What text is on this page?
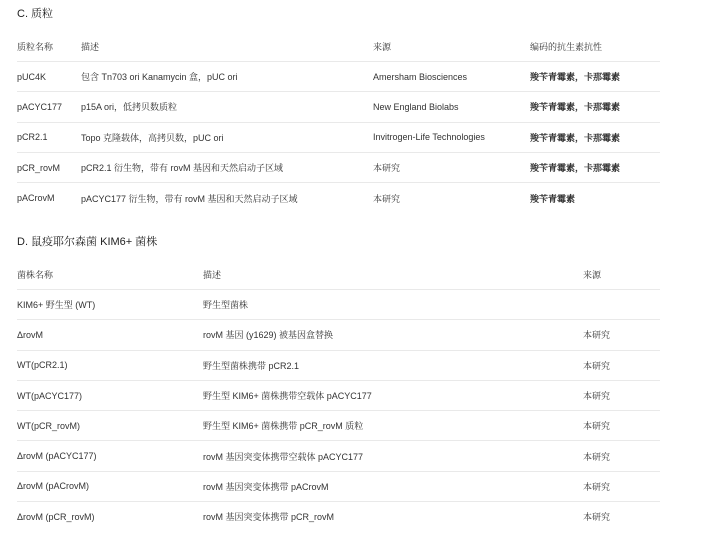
C. 质粒
质粒名称	描述	来源	编码的抗生素抗性
pUC4K	包含 Tn703 ori Kanamycin 盒，pUC ori	Amersham Biosciences	羧苄青霉素，卡那霉素
pACYC177	p15A ori，低拷贝数质粒	New England Biolabs	羧苄青霉素，卡那霉素
pCR2.1	Topo 克隆载体，高拷贝数，pUC ori	Invitrogen-Life Technologies	羧苄青霉素，卡那霉素
pCR_rovM	pCR2.1 衍生物，带有 rovM 基因和天然启动子区域	本研究	羧苄青霉素，卡那霉素
pACrovM	pACYC177 衍生物，带有 rovM 基因和天然启动子区域	本研究	羧苄青霉素
D. 鼠疫耶尔森菌 KIM6+ 菌株
菌株名称	描述	来源
KIM6+ 野生型 (WT)	野生型菌株	
ΔrovM	rovM 基因 (y1629) 被基因盒替换	本研究
WT(pCR2.1)	野生型菌株携带 pCR2.1	本研究
WT(pACYC177)	野生型 KIM6+ 菌株携带空载体 pACYC177	本研究
WT(pCR_rovM)	野生型 KIM6+ 菌株携带 pCR_rovM 质粒	本研究
ΔrovM (pACYC177)	rovM 基因突变体携带空载体 pACYC177	本研究
ΔrovM (pACrovM)	rovM 基因突变体携带 pACrovM	本研究
ΔrovM (pCR_rovM)	rovM 基因突变体携带 pCR_rovM	本研究
